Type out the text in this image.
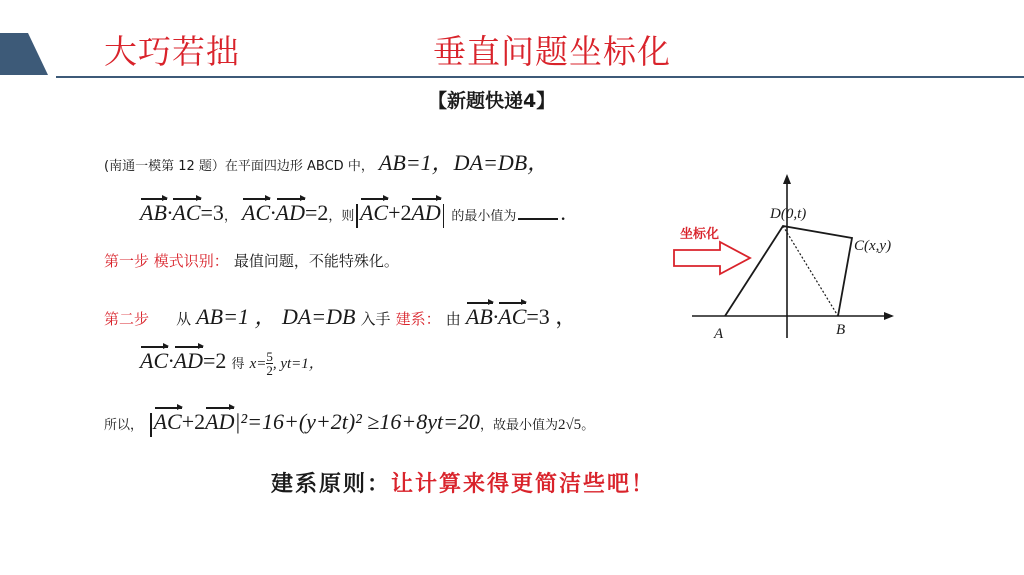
大巧若拙	垂直问题坐标化
【新题快递4】
(南通一模第 12 题）在平面四边形 ABCD 中， AB=1，DA=DB，
AB·AC=3， AC·AD=2，则 AC+2AD 的最小值为 .
第一步 模式识别： 最值问题，不能特殊化。
第二步 从 AB=1 ， DA=DB 入手 建系： 由 AB·AC=3 ，
AC·AD=2 得 $x= \frac{5}{2}$ , yt=1，
所以， AC+2AD|²=16+(y+2t)² ≥16+8yt=20，故最小值为2√5。
建系原则：让计算来得更简洁些吧！
坐标化
D(0,t)
C(x,y)
A	B
